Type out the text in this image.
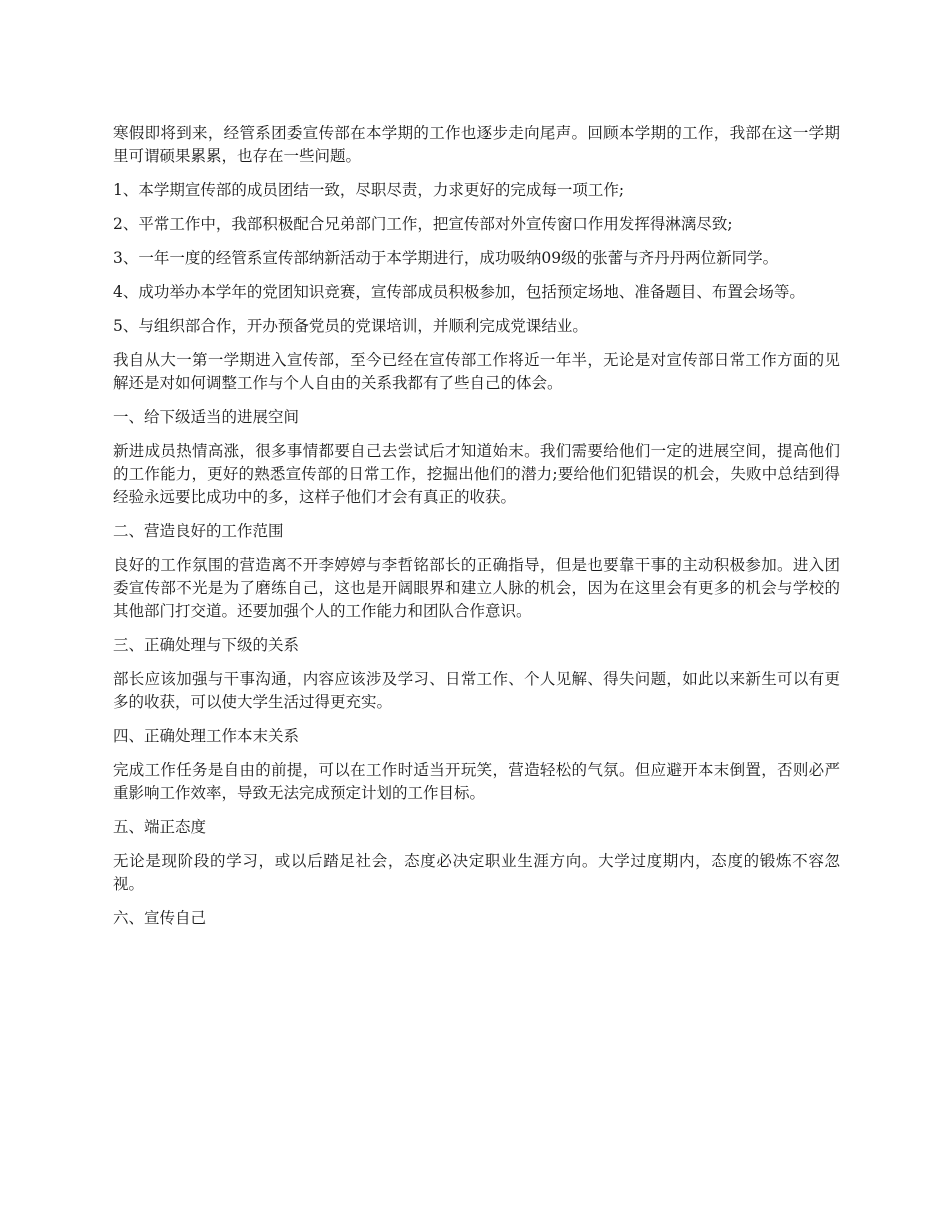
寒假即将到来，经管系团委宣传部在本学期的工作也逐步走向尾声。回顾本学期的工作，我部在这一学期里可谓硕果累累，也存在一些问题。

1、本学期宣传部的成员团结一致，尽职尽责，力求更好的完成每一项工作;

2、平常工作中，我部积极配合兄弟部门工作，把宣传部对外宣传窗口作用发挥得淋漓尽致;

3、一年一度的经管系宣传部纳新活动于本学期进行，成功吸纳09级的张蕾与齐丹丹两位新同学。

4、成功举办本学年的党团知识竞赛，宣传部成员积极参加，包括预定场地、准备题目、布置会场等。

5、与组织部合作，开办预备党员的党课培训，并顺利完成党课结业。

我自从大一第一学期进入宣传部，至今已经在宣传部工作将近一年半，无论是对宣传部日常工作方面的见解还是对如何调整工作与个人自由的关系我都有了些自己的体会。

一、给下级适当的进展空间

新进成员热情高涨，很多事情都要自己去尝试后才知道始末。我们需要给他们一定的进展空间，提高他们的工作能力，更好的熟悉宣传部的日常工作，挖掘出他们的潜力;要给他们犯错误的机会，失败中总结到得经验永远要比成功中的多，这样子他们才会有真正的收获。

二、营造良好的工作范围

良好的工作氛围的营造离不开李婷婷与李哲铭部长的正确指导，但是也要靠干事的主动积极参加。进入团委宣传部不光是为了磨练自己，这也是开阔眼界和建立人脉的机会，因为在这里会有更多的机会与学校的其他部门打交道。还要加强个人的工作能力和团队合作意识。

三、正确处理与下级的关系

部长应该加强与干事沟通，内容应该涉及学习、日常工作、个人见解、得失问题，如此以来新生可以有更多的收获，可以使大学生活过得更充实。

四、正确处理工作本末关系

完成工作任务是自由的前提，可以在工作时适当开玩笑，营造轻松的气氛。但应避开本末倒置，否则必严重影响工作效率，导致无法完成预定计划的工作目标。

五、端正态度

无论是现阶段的学习，或以后踏足社会，态度必决定职业生涯方向。大学过度期内，态度的锻炼不容忽视。

六、宣传自己
